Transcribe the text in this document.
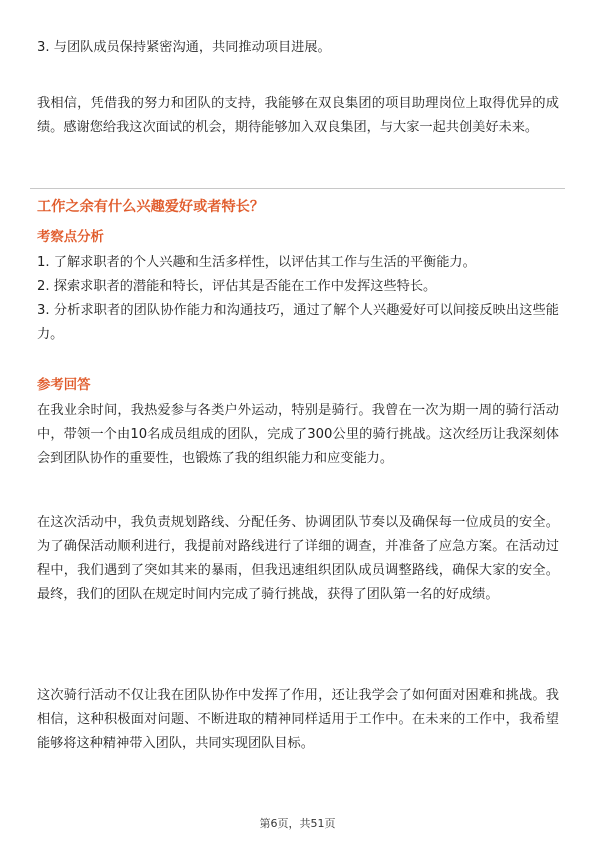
3. 与团队成员保持紧密沟通，共同推动项目进展。

我相信，凭借我的努力和团队的支持，我能够在双良集团的项目助理岗位上取得优异的成绩。感谢您给我这次面试的机会，期待能够加入双良集团，与大家一起共创美好未来。

工作之余有什么兴趣爱好或者特长？

考察点分析

1. 了解求职者的个人兴趣和生活多样性，以评估其工作与生活的平衡能力。

2. 探索求职者的潜能和特长，评估其是否能在工作中发挥这些特长。

3. 分析求职者的团队协作能力和沟通技巧，通过了解个人兴趣爱好可以间接反映出这些能力。

参考回答

在我业余时间，我热爱参与各类户外运动，特别是骑行。我曾在一次为期一周的骑行活动中，带领一个由10名成员组成的团队，完成了300公里的骑行挑战。这次经历让我深刻体会到团队协作的重要性，也锻炼了我的组织能力和应变能力。

在这次活动中，我负责规划路线、分配任务、协调团队节奏以及确保每一位成员的安全。为了确保活动顺利进行，我提前对路线进行了详细的调查，并准备了应急方案。在活动过程中，我们遇到了突如其来的暴雨，但我迅速组织团队成员调整路线，确保大家的安全。最终，我们的团队在规定时间内完成了骑行挑战，获得了团队第一名的好成绩。

这次骑行活动不仅让我在团队协作中发挥了作用，还让我学会了如何面对困难和挑战。我相信，这种积极面对问题、不断进取的精神同样适用于工作中。在未来的工作中，我希望能够将这种精神带入团队，共同实现团队目标。

第6页，共51页
